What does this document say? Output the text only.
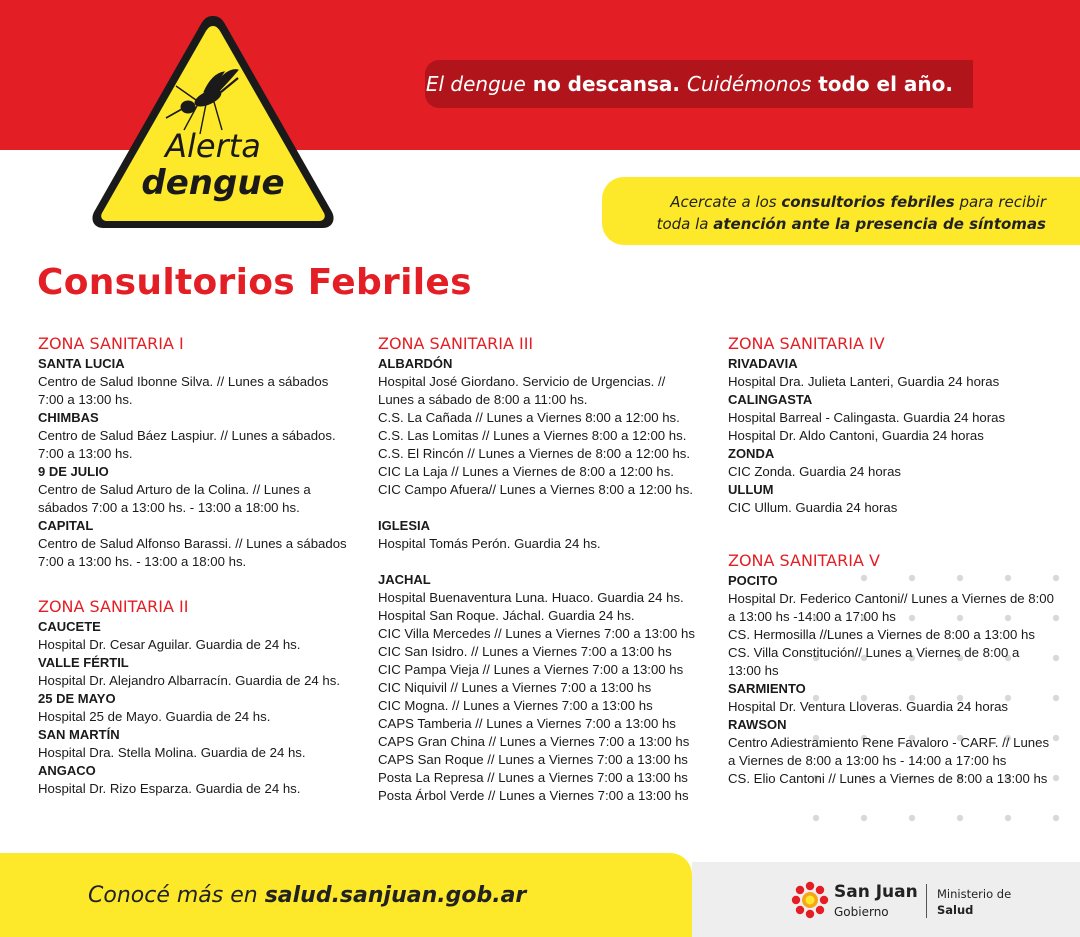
El dengue no descansa. Cuidémonos todo el año.
Acercate a los consultorios febriles para recibir
toda la atención ante la presencia de síntomas
Alerta
dengue
Consultorios Febriles
ZONA SANITARIA I
SANTA LUCIA
Centro de Salud Ibonne Silva. // Lunes a sábados
7:00 a 13:00 hs.
CHIMBAS
Centro de Salud Báez Laspiur. // Lunes a sábados.
7:00 a 13:00 hs.
9 DE JULIO
Centro de Salud Arturo de la Colina. // Lunes a
sábados 7:00 a 13:00 hs. - 13:00 a 18:00 hs.
CAPITAL
Centro de Salud Alfonso Barassi. // Lunes a sábados
7:00 a 13:00 hs. - 13:00 a 18:00 hs.
ZONA SANITARIA II
CAUCETE
Hospital Dr. Cesar Aguilar. Guardia de 24 hs.
VALLE FÉRTIL
Hospital Dr. Alejandro Albarracín. Guardia de 24 hs.
25 DE MAYO
Hospital 25 de Mayo. Guardia de 24 hs.
SAN MARTÍN
Hospital Dra. Stella Molina. Guardia de 24 hs.
ANGACO
Hospital Dr. Rizo Esparza. Guardia de 24 hs.
ZONA SANITARIA III
ALBARDÓN
Hospital José Giordano. Servicio de Urgencias. //
Lunes a sábado de 8:00 a 11:00 hs.
C.S. La Cañada // Lunes a Viernes 8:00 a 12:00 hs.
C.S. Las Lomitas // Lunes a Viernes 8:00 a 12:00 hs.
C.S. El Rincón // Lunes a Viernes de 8:00 a 12:00 hs.
CIC La Laja // Lunes a Viernes de 8:00 a 12:00 hs.
CIC Campo Afuera// Lunes a Viernes 8:00 a 12:00 hs.
IGLESIA
Hospital Tomás Perón. Guardia 24 hs.
JACHAL
Hospital Buenaventura Luna. Huaco. Guardia 24 hs.
Hospital San Roque. Jáchal. Guardia 24 hs.
CIC Villa Mercedes // Lunes a Viernes 7:00 a 13:00 hs
CIC San Isidro. // Lunes a Viernes 7:00 a 13:00 hs
CIC Pampa Vieja // Lunes a Viernes 7:00 a 13:00 hs
CIC Niquivil // Lunes a Viernes 7:00 a 13:00 hs
CIC Mogna. // Lunes a Viernes 7:00 a 13:00 hs
CAPS Tamberia // Lunes a Viernes 7:00 a 13:00 hs
CAPS Gran China // Lunes a Viernes 7:00 a 13:00 hs
CAPS San Roque // Lunes a Viernes 7:00 a 13:00 hs
Posta La Represa // Lunes a Viernes 7:00 a 13:00 hs
Posta Árbol Verde // Lunes a Viernes 7:00 a 13:00 hs
ZONA SANITARIA IV
RIVADAVIA
Hospital Dra. Julieta Lanteri, Guardia 24 horas
CALINGASTA
Hospital Barreal - Calingasta. Guardia 24 horas
Hospital Dr. Aldo Cantoni, Guardia 24 horas
ZONDA
CIC Zonda. Guardia 24 horas
ULLUM
CIC Ullum. Guardia 24 horas
ZONA SANITARIA V
POCITO
Hospital Dr. Federico Cantoni// Lunes a Viernes de 8:00
a 13:00 hs -14:00 a 17:00 hs
CS. Hermosilla //Lunes a Viernes de 8:00 a 13:00 hs
CS. Villa Constitución// Lunes a Viernes de 8:00 a
13:00 hs
SARMIENTO
Hospital Dr. Ventura Lloveras. Guardia 24 horas
RAWSON
Centro Adiestramiento Rene Favaloro - CARF. // Lunes
a Viernes de 8:00 a 13:00 hs - 14:00 a 17:00 hs
CS. Elio Cantoni // Lunes a Viernes de 8:00 a 13:00 hs
Conocé más en salud.sanjuan.gob.ar	San Juan
Gobierno
Ministerio de
Salud
